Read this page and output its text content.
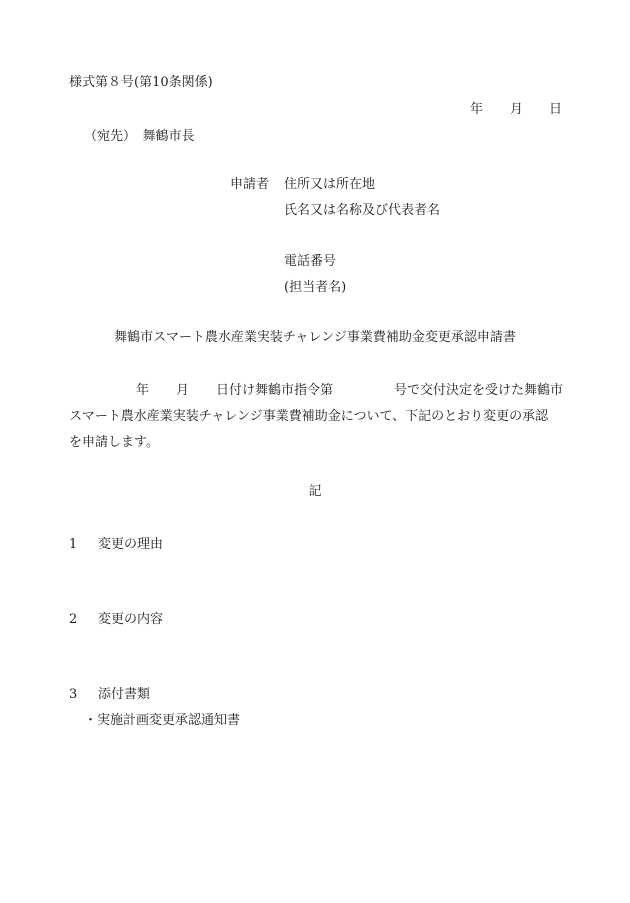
様式第８号(第10条関係)
年 月 日
（宛先）　舞鶴市長
申請者 住所又は所在地
氏名又は名称及び代表者名
電話番号
(担当者名)
舞鶴市スマート農水産業実装チャレンジ事業費補助金変更承認申請書
年 月 日付け舞鶴市指令第	号で交付決定を受けた舞鶴市
スマート農水産業実装チャレンジ事業費補助金について、下記のとおり変更の承認
を申請します。
記
1 変更の理由
2 変更の内容
3 添付書類
・実施計画変更承認通知書
